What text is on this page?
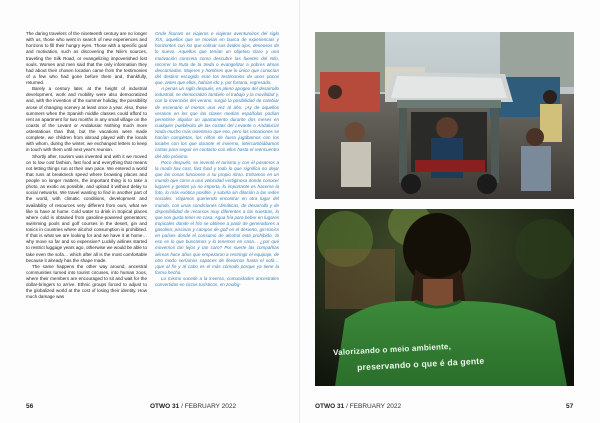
The daring travelers of the nineteenth century are no longer with us, those who went in search of new experiences and horizons to fill their hungry eyes. Those with a specific goal and motivation, such as discovering the Nile's sources, traveling the Silk Road, or evangelizing impoverished lost souls. Women and men said that the only information they had about their chosen location came from the testimonies of a few who had gone before them and, thankfully, returned.

Barely a century later, at the height of industrial development, work and mobility were also democratized and, with the invention of the summer holiday, the possibility arose of changing scenery at least once a year. Also, those summers when the Spanish middle classes could afford to rent an apartment for two months in any small village on the coasts of the Levant or Andalusia! Nothing much more ostentatious than that, but the vacations were made complete, we children from abroad played with the locals with whom, during the winter, we exchanged letters to keep in touch with them until next year's reunion.

Shortly after, tourism was invented and with it we moved on to low cost fashion, fast food and everything that means not letting things run at their own pace. We entered a world that runs at breakneck speed where browsing places and people no longer matters, the important thing is to take a photo, as exotic as possible, and upload it without delay to social networks. We travel wanting to find in another part of the world, with climatic conditions, development and availability of resources very different from ours, what we like to have at home. Cold water to drink in tropical places where cold is obtained from gasoline-powered generators; swimming pools and golf courses in the desert, gin and tonics in countries where alcohol consumption is prohibited. If that is what we are looking for and we have it at home… why move so far and so expensive? Luckily airlines started to restrict luggage years ago, otherwise we would be able to take even the sofa… which after all is the most comfortable because it already has the shape made.

The same happens the other way around, ancestral communities turned into tourist circuses, into human zoos, where their members are encouraged to sit and wait for the dollar-bringers to arrive. Ethnic groups forced to adjust to the globalized world at the cost of losing their identity. How much damage was

Onde ficaram os viajeros e viajeras aventureiros del siglo XIX, aquellos que se movían en busca de experiencias y horizontes con los que colmar sus ávidos ojos, deseosos de lo nuevo. Aquellos que tenían un objetivo claro y una motivación concreta como descubrir las fuentes del Nilo, recorrer la Ruta de la Seda o evangelizar a pobres almas descarriadas. Mujeres y hombres que lo único que conocían del destino escogido eran los testimonios de unos pocos que, antes que ellos, habían ido y, por fortuna, regresado.

A penas un siglo después, en pleno apogeo del desarrollo industrial, se democratizó también el trabajo y la movilidad y, con la invención del verano, surgió la posibilidad de cambiar de escenario al menos una vez al año. ¡Ay de aquellos veranos en los que las clases medias españolas podían permitirse alquilar un apartamento durante dos meses en cualquier pueblecito de las costas del Levante o Andalucía! Nada mucho más ostentoso que eso, pero las vacaciones se hacían completas, los niños de fuera jugábamos con los locales con los que durante el invierno, intercambiábamos cartas para seguir en contacto con ellos hasta el reencuentro del año próximo.

Poco después, se inventó el turismo y con él pasamos a la moda low cost, fast food y todo lo que significa no dejar que las cosas funcionen a su propio ritmo. Entramos en un mundo que corre a una velocidad vertiginosa donde conocer lugares y gentes ya no importa, lo importante es hacerse la foto, lo más exótica posible, y subirla sin dilación a las redes sociales. Viajamos queriendo encontrar en otra lugar del mundo, con unas condiciones climáticas, de desarrollo y de disponibilidad de recursos muy diferentes a las nuestras, lo que nos gusta tener en casa. Agua fría para beber en lugares tropicales donde el frío se obtiene a partir de generadores a gasolina; piscinas y campos de golf en el desierto, gin-tonics en países donde el consumo de alcohol está prohibido. Si eso es lo que buscamos y lo tenemos en casa… ¿por qué movernos tan lejos y tan caro? Por suerte las compañías aéreas hace años que empezaron a restringir el equipaje, de otro modo seríamos capaces de llevarnos hasta el sofá… ¡que al fin y al cabo es el más cómodo porque ya tiene la forma hecha.

Lo mismo sucede a la inversa, comunidades ancestrales convertidas en circos turísticos, en zoológ-

56	OTWO 31 / FEBRUARY 2022	OTWO 31 / FEBRUARY 2022	57
Valorizando o meio ambiente,
preservando o que é da gente
